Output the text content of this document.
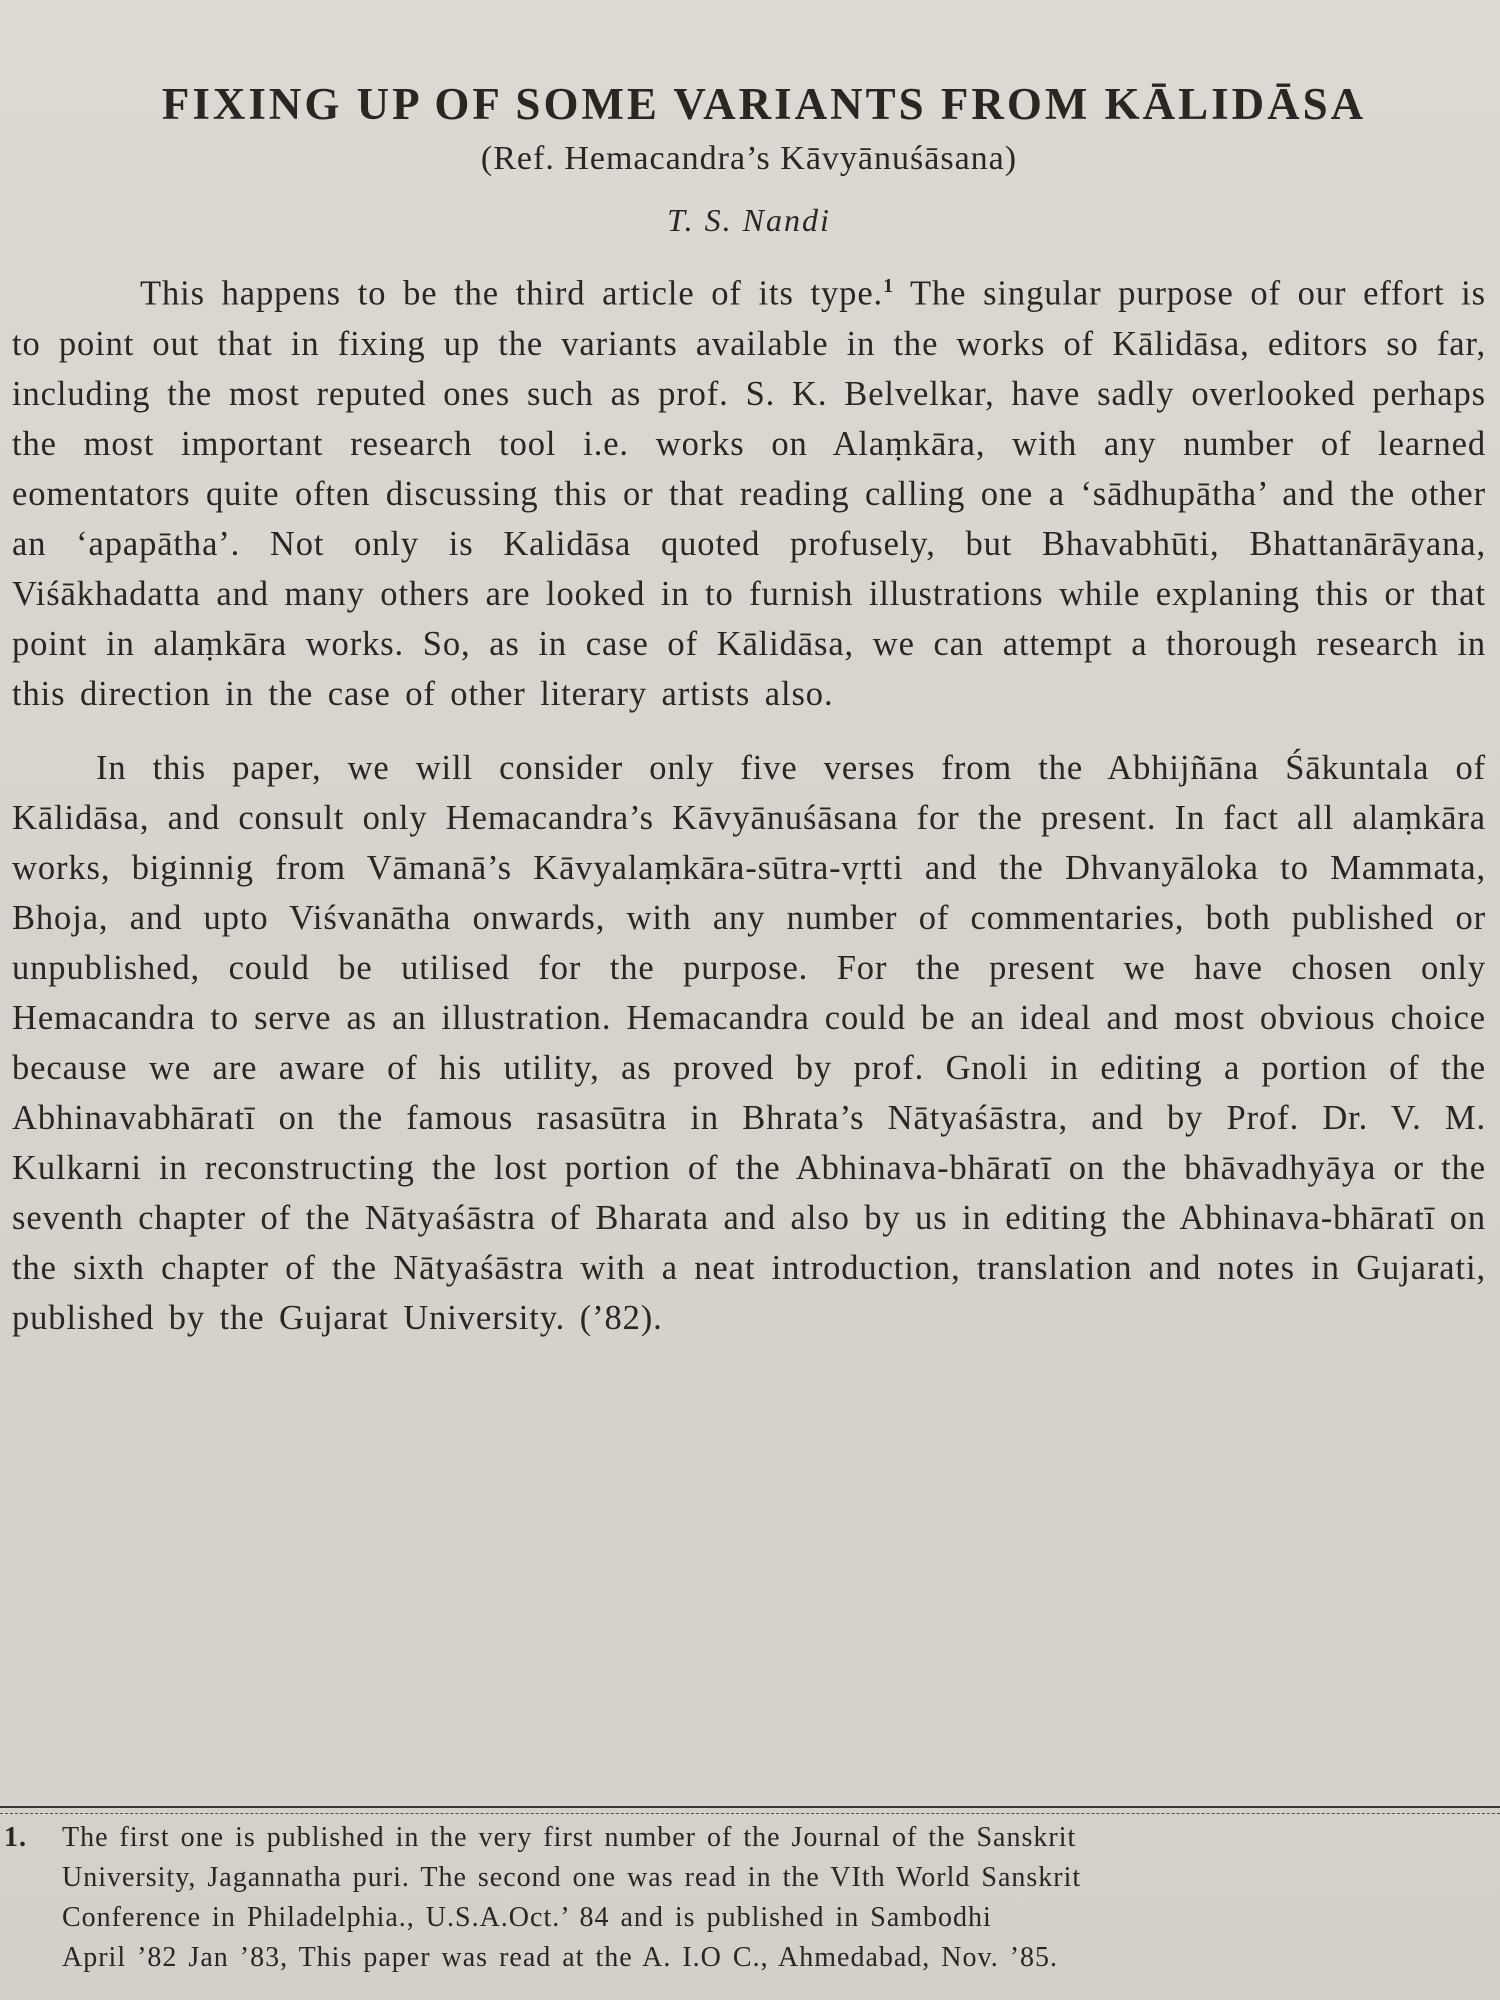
FIXING UP OF SOME VARIANTS FROM KĀLIDĀSA
(Ref. Hemacandra’s Kāvyānuśāsana)
T. S. Nandi

This happens to be the third article of its type.$^1$ The singular purpose of our effort is to point out that in fixing up the variants available in the works of Kālidāsa, editors so far, including the most reputed ones such as prof. S. K. Belvelkar, have sadly overlooked perhaps the most important research tool i.e. works on Alaṃkāra, with any number of learned eomentators quite often discussing this or that reading calling one a ‘sādhupātha’ and the other an ‘apapātha’. Not only is Kalidāsa quoted profusely, but Bhavabhūti, Bhattanārāyana, Viśākhadatta and many others are looked in to furnish illustrations while explaning this or that point in alaṃkāra works. So, as in case of Kālidāsa, we can attempt a thorough research in this direction in the case of other literary artists also.

In this paper, we will consider only five verses from the Abhijñāna Śākuntala of Kālidāsa, and consult only Hemacandra’s Kāvyānuśāsana for the present. In fact all alaṃkāra works, biginnig from Vāmanā’s Kāvyalaṃkāra-sūtra-vṛtti and the Dhvanyāloka to Mammata, Bhoja, and upto Viśvanātha onwards, with any number of commentaries, both published or unpublished, could be utilised for the purpose. For the present we have chosen only Hemacandra to serve as an illustration. Hemacandra could be an ideal and most obvious choice because we are aware of his utility, as proved by prof. Gnoli in editing a portion of the Abhinavabhāratī on the famous rasasūtra in Bhrata’s Nātyaśāstra, and by Prof. Dr. V. M. Kulkarni in reconstructing the lost portion of the Abhinava-bhāratī on the bhāvadhyāya or the seventh chapter of the Nātyaśāstra of Bharata and also by us in editing the Abhinava-bhāratī on the sixth chapter of the Nātyaśāstra with a neat introduction, translation and notes in Gujarati, published by the Gujarat University. (’82).

1. The first one is published in the very first number of the Journal of the Sanskrit
University, Jagannatha puri. The second one was read in the VIth World Sanskrit
Conference in Philadelphia., U.S.A.Oct.’ 84 and is published in Sambodhi
April ’82 Jan ’83, This paper was read at the A. I.O C., Ahmedabad, Nov. ’85.
